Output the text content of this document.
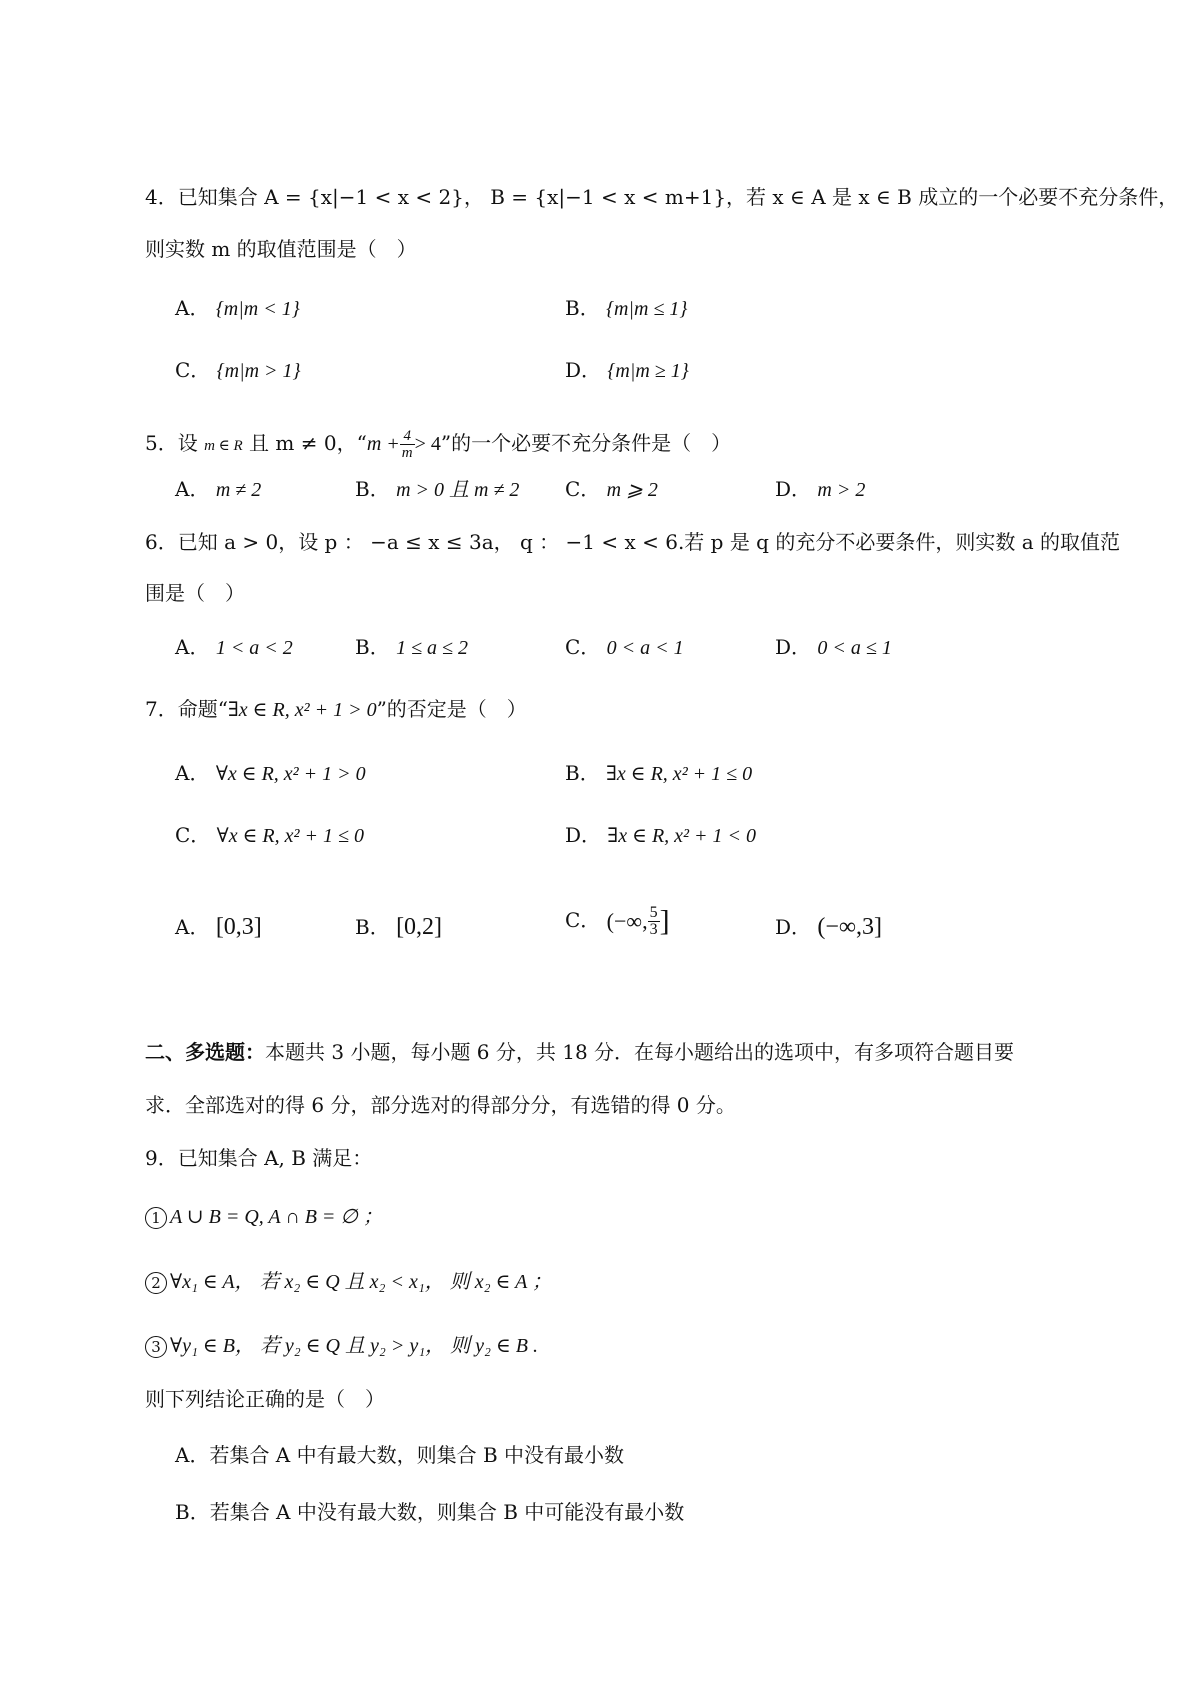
4．已知集合 A = {x|−1 < x < 2}， B = {x|−1 < x < m+1}，若 x ∈ A 是 x ∈ B 成立的一个必要不充分条件，
则实数 m 的取值范围是（　）
A． {m|m < 1}	B． {m|m ≤ 1}
C． {m|m > 1}	D． {m|m ≥ 1}
5．设 m ∈ R 且 m ≠ 0，“$m + \frac{4}{m} > 4$”的一个必要不充分条件是（　）
A． m ≠ 2	B． m > 0 且 m ≠ 2 C． m ⩾ 2	D． m > 2
6．已知 a > 0，设 p ： −a ≤ x ≤ 3a， q ： −1 < x < 6.若 p 是 q 的充分不必要条件，则实数 a 的取值范
围是（　）
A． 1 < a < 2	B． 1 ≤ a ≤ 2	C． 0 < a < 1	D． 0 < a ≤ 1
7．命题“∃x ∈ R, x² + 1 > 0”的否定是（　）
A． ∀x ∈ R, x² + 1 > 0	B． ∃x ∈ R, x² + 1 ≤ 0
C． ∀x ∈ R, x² + 1 ≤ 0	D． ∃x ∈ R, x² + 1 < 0
A． [0,3]	B． [0,2]	C． (−∞, $\frac{5}{3}$ ]	D． (−∞,3]
二、多选题：本题共 3 小题，每小题 6 分，共 18 分．在每小题给出的选项中，有多项符合题目要
求．全部选对的得 6 分，部分选对的得部分分，有选错的得 0 分。
9．已知集合 A, B 满足：
1 A ∪ B = Q, A ∩ B = ∅ ；
2 ∀x₁ ∈ A， 若 x₂ ∈ Q 且 x₂ < x₁， 则 x₂ ∈ A ；
3 ∀y₁ ∈ B， 若 y₂ ∈ Q 且 y₂ > y₁， 则 y₂ ∈ B .
则下列结论正确的是（　）
A．若集合 A 中有最大数，则集合 B 中没有最小数
B．若集合 A 中没有最大数，则集合 B 中可能没有最小数
